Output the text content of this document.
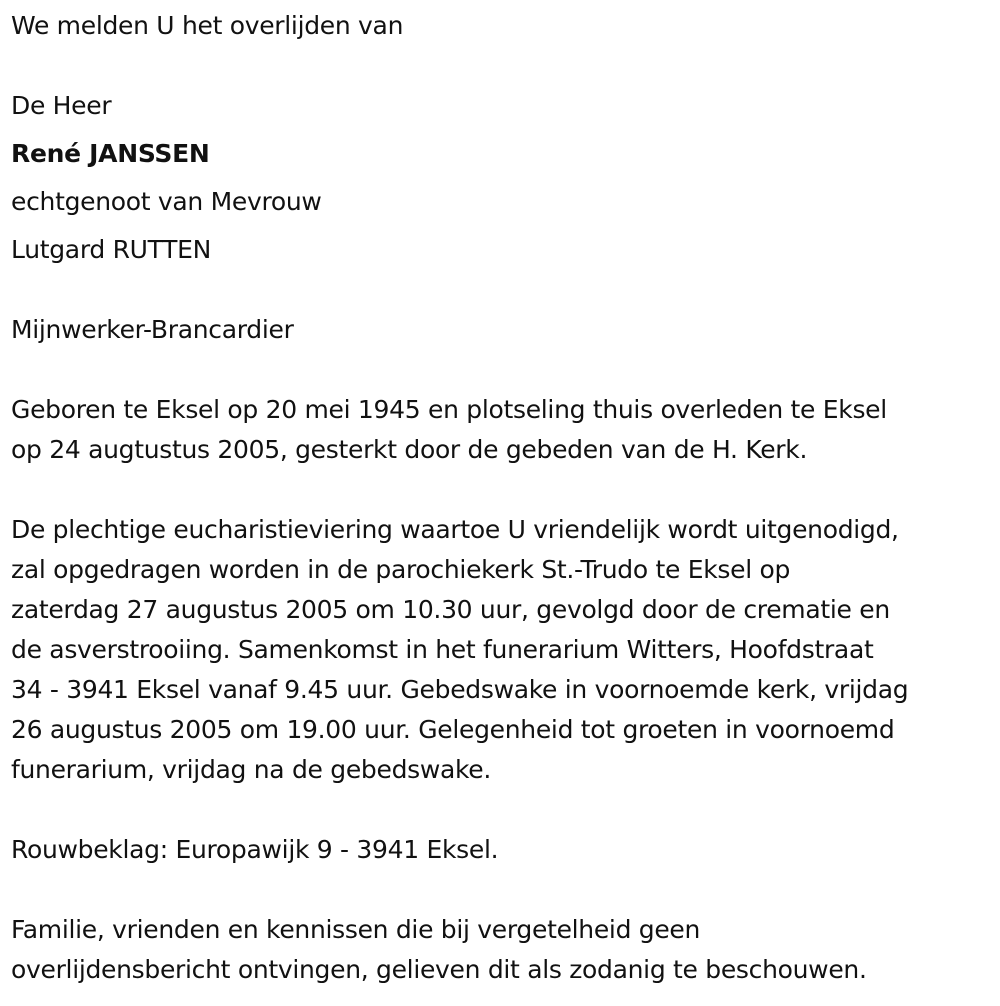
We melden U het overlijden van
De Heer
René JANSSEN
echtgenoot van Mevrouw
Lutgard RUTTEN
Mijnwerker-Brancardier
Geboren te Eksel op 20 mei 1945 en plotseling thuis overleden te Eksel
op 24 augtustus 2005, gesterkt door de gebeden van de H. Kerk.
De plechtige eucharistieviering waartoe U vriendelijk wordt uitgenodigd,
zal opgedragen worden in de parochiekerk St.-Trudo te Eksel op
zaterdag 27 augustus 2005 om 10.30 uur, gevolgd door de crematie en
de asverstrooiing. Samenkomst in het funerarium Witters, Hoofdstraat
34 - 3941 Eksel vanaf 9.45 uur. Gebedswake in voornoemde kerk, vrijdag
26 augustus 2005 om 19.00 uur. Gelegenheid tot groeten in voornoemd
funerarium, vrijdag na de gebedswake.
Rouwbeklag: Europawijk 9 - 3941 Eksel.
Familie, vrienden en kennissen die bij vergetelheid geen
overlijdensbericht ontvingen, gelieven dit als zodanig te beschouwen.
